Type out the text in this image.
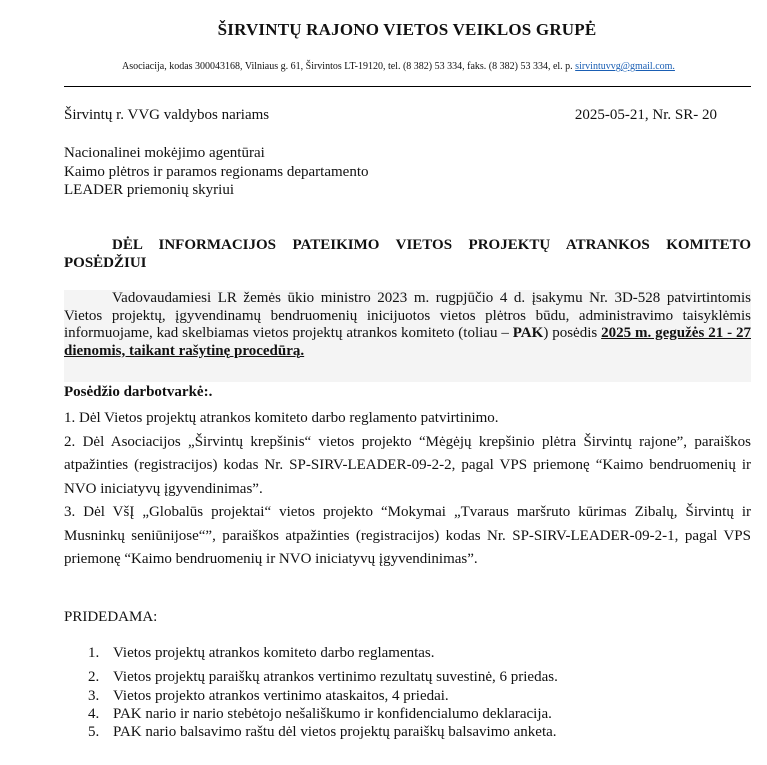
ŠIRVINTŲ RAJONO VIETOS VEIKLOS GRUPĖ
Asociacija, kodas 300043168, Vilniaus g. 61, Širvintos LT-19120, tel. (8 382) 53 334, faks. (8 382) 53 334, el. p. sirvintuvvg@gmail.com.
Širvintų r. VVG valdybos nariams	2025-05-21, Nr. SR- 20
Nacionalinei mokėjimo agentūrai
Kaimo plėtros ir paramos regionams departamento
LEADER priemonių skyriui
DĖL INFORMACIJOS PATEIKIMO VIETOS PROJEKTŲ ATRANKOS KOMITETO POSĖDŽIUI
Vadovaudamiesi LR žemės ūkio ministro 2023 m. rugpjūčio 4 d. įsakymu Nr. 3D-528 patvirtintomis Vietos projektų, įgyvendinamų bendruomenių inicijuotos vietos plėtros būdu, administravimo taisyklėmis informuojame, kad skelbiamas vietos projektų atrankos komiteto (toliau – PAK) posėdis 2025 m. gegužės 21 - 27 dienomis, taikant rašytinę procedūrą.
Posėdžio darbotvarkė:.

1. Dėl Vietos projektų atrankos komiteto darbo reglamento patvirtinimo.

2. Dėl Asociacijos „Širvintų krepšinis“ vietos projekto “Mėgėjų krepšinio plėtra Širvintų rajone”, paraiškos atpažinties (registracijos) kodas Nr. SP-SIRV-LEADER-09-2-2, pagal VPS priemonę “Kaimo bendruomenių ir NVO iniciatyvų įgyvendinimas”.

3. Dėl VšĮ „Globalūs projektai“ vietos projekto “Mokymai „Tvaraus maršruto kūrimas Zibalų, Širvintų ir Musninkų seniūnijose“”, paraiškos atpažinties (registracijos) kodas Nr. SP-SIRV-LEADER-09-2-1, pagal VPS priemonę “Kaimo bendruomenių ir NVO iniciatyvų įgyvendinimas”.

PRIDEDAMA:
1. Vietos projektų atrankos komiteto darbo reglamentas.
2. Vietos projektų paraiškų atrankos vertinimo rezultatų suvestinė, 6 priedas.
3. Vietos projekto atrankos vertinimo ataskaitos, 4 priedai.
4. PAK nario ir nario stebėtojo nešališkumo ir konfidencialumo deklaracija.
5. PAK nario balsavimo raštu dėl vietos projektų paraiškų balsavimo anketa.
